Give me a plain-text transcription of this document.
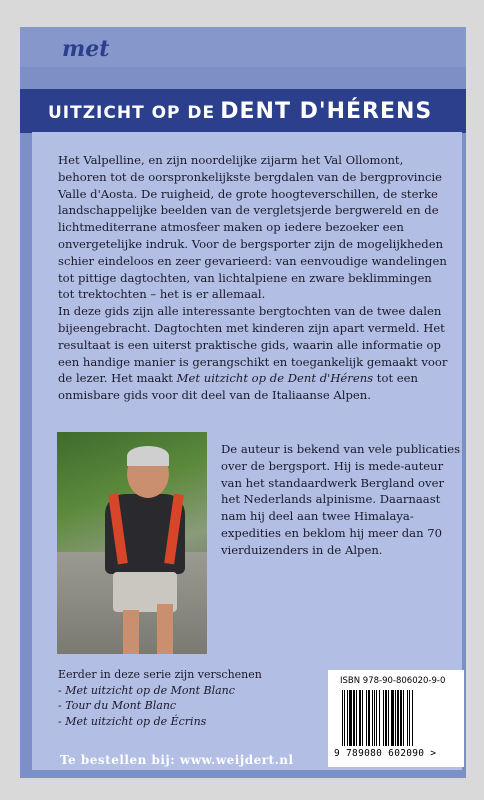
UITZICHT OP DE DENT D'HÉRENS
met

Het Valpelline, en zijn noordelijke zijarm het Val Ollomont, behoren tot de oorspronkelijkste bergdalen van de bergprovincie Valle d'Aosta. De ruigheid, de grote hoogteverschillen, de sterke landschappelijke beelden van de vergletsjerde bergwereld en de lichtmediterrane atmosfeer maken op iedere bezoeker een onvergetelijke indruk. Voor de bergsporter zijn de mogelijkheden schier eindeloos en zeer gevarieerd: van eenvoudige wandelingen tot pittige dagtochten, van lichtalpiene en zware beklimmingen tot trektochten – het is er allemaal.

In deze gids zijn alle interessante bergtochten van de twee dalen bijeengebracht. Dagtochten met kinderen zijn apart vermeld. Het resultaat is een uiterst praktische gids, waarin alle informatie op een handige manier is gerangschikt en toegankelijk gemaakt voor de lezer. Het maakt Met uitzicht op de Dent d'Hérens tot een onmisbare gids voor dit deel van de Italiaanse Alpen.

De auteur is bekend van vele publicaties over de bergsport. Hij is mede-auteur van het standaardwerk Bergland over het Nederlands alpinisme. Daarnaast nam hij deel aan twee Himalaya-expedities en beklom hij meer dan 70 vierduizenders in de Alpen.

Eerder in deze serie zijn verschenen
- Met uitzicht op de Mont Blanc
- Tour du Mont Blanc
- Met uitzicht op de Écrins
ISBN 978-90-806020-9-0
9 789080 602090 >
Te bestellen bij: www.weijdert.nl
